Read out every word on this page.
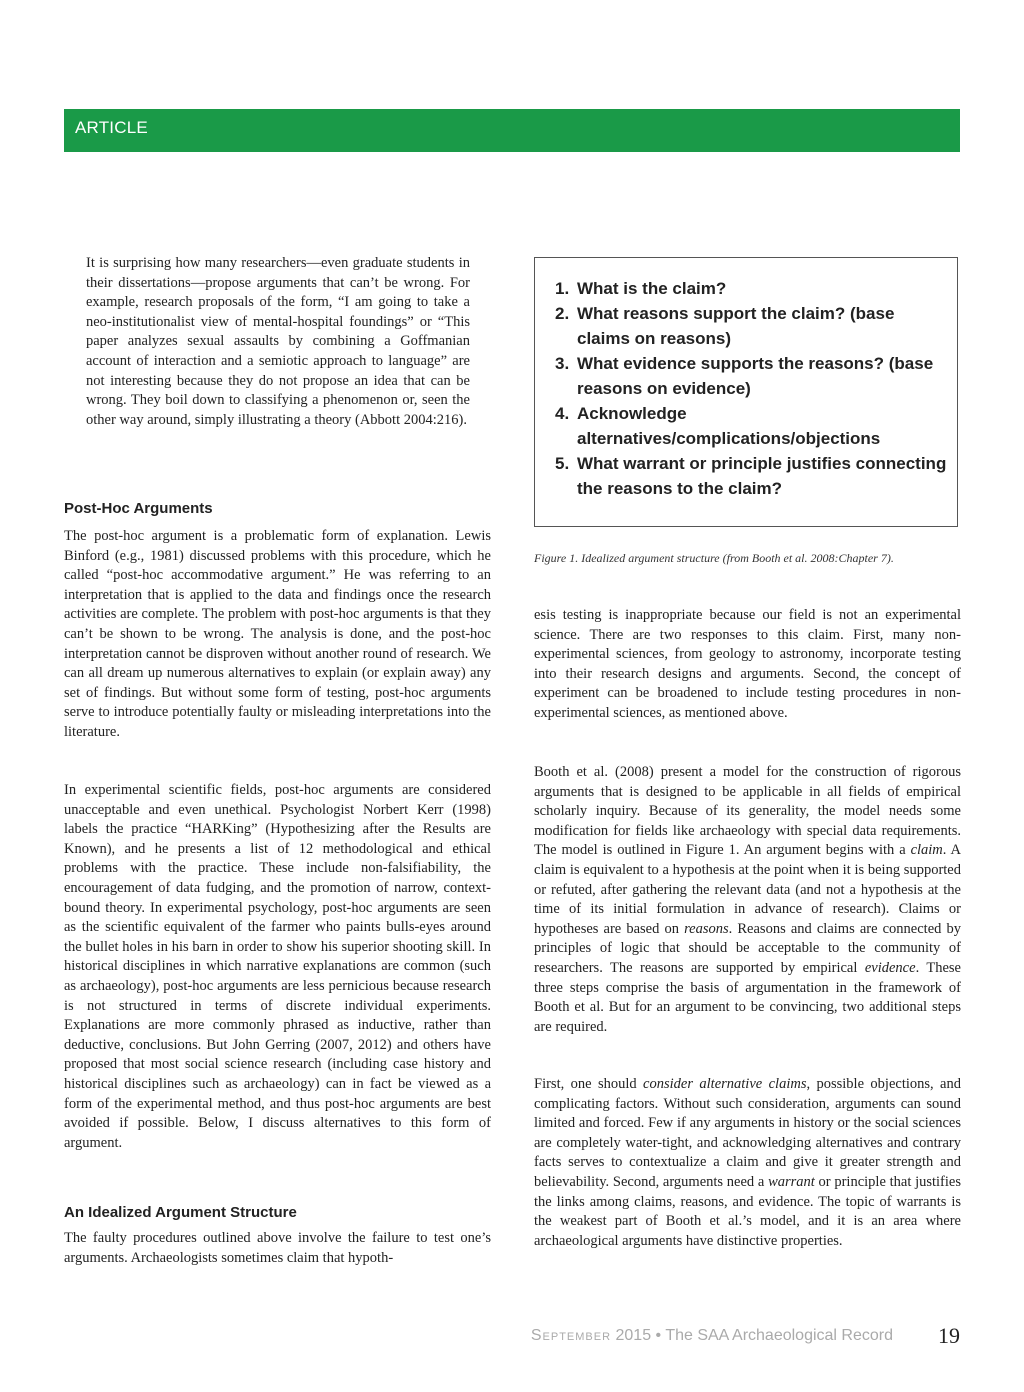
ARTICLE

It is surprising how many researchers—even graduate students in their dissertations—propose arguments that can’t be wrong. For example, research proposals of the form, “I am going to take a neo-institutionalist view of mental-hospital foundings” or “This paper analyzes sexual assaults by combining a Goffmanian account of interaction and a semiotic approach to language” are not interesting because they do not propose an idea that can be wrong. They boil down to classifying a phenomenon or, seen the other way around, simply illustrating a theory (Abbott 2004:216).

Post-Hoc Arguments

The post-hoc argument is a problematic form of explanation. Lewis Binford (e.g., 1981) discussed problems with this procedure, which he called “post-hoc accommodative argument.” He was referring to an interpretation that is applied to the data and findings once the research activities are complete. The problem with post-hoc arguments is that they can’t be shown to be wrong. The analysis is done, and the post-hoc interpretation cannot be disproven without another round of research. We can all dream up numerous alternatives to explain (or explain away) any set of findings. But without some form of testing, post-hoc arguments serve to introduce potentially faulty or misleading interpretations into the literature.

In experimental scientific fields, post-hoc arguments are considered unacceptable and even unethical. Psychologist Norbert Kerr (1998) labels the practice “HARKing” (Hypothesizing after the Results are Known), and he presents a list of 12 methodological and ethical problems with the practice. These include non-falsifiability, the encouragement of data fudging, and the promotion of narrow, context-bound theory. In experimental psychology, post-hoc arguments are seen as the scientific equivalent of the farmer who paints bulls-eyes around the bullet holes in his barn in order to show his superior shooting skill. In historical disciplines in which narrative explanations are common (such as archaeology), post-hoc arguments are less pernicious because research is not structured in terms of discrete individual experiments. Explanations are more commonly phrased as inductive, rather than deductive, conclusions. But John Gerring (2007, 2012) and others have proposed that most social science research (including case history and historical disciplines such as archaeology) can in fact be viewed as a form of the experimental method, and thus post-hoc arguments are best avoided if possible. Below, I discuss alternatives to this form of argument.

An Idealized Argument Structure

The faulty procedures outlined above involve the failure to test one’s arguments. Archaeologists sometimes claim that hypoth-

1. What is the claim?
2. What reasons support the claim? (base claims on reasons)
3. What evidence supports the reasons? (base reasons on evidence)
4. Acknowledge alternatives/complications/objections
5. What warrant or principle justifies connecting the reasons to the claim?

Figure 1. Idealized argument structure (from Booth et al. 2008:Chapter 7).

esis testing is inappropriate because our field is not an experimental science. There are two responses to this claim. First, many non-experimental sciences, from geology to astronomy, incorporate testing into their research designs and arguments. Second, the concept of experiment can be broadened to include testing procedures in non-experimental sciences, as mentioned above.

Booth et al. (2008) present a model for the construction of rigorous arguments that is designed to be applicable in all fields of empirical scholarly inquiry. Because of its generality, the model needs some modification for fields like archaeology with special data requirements. The model is outlined in Figure 1. An argument begins with a claim. A claim is equivalent to a hypothesis at the point when it is being supported or refuted, after gathering the relevant data (and not a hypothesis at the time of its initial formulation in advance of research). Claims or hypotheses are based on reasons. Reasons and claims are connected by principles of logic that should be acceptable to the community of researchers. The reasons are supported by empirical evidence. These three steps comprise the basis of argumentation in the framework of Booth et al. But for an argument to be convincing, two additional steps are required.

First, one should consider alternative claims, possible objections, and complicating factors. Without such consideration, arguments can sound limited and forced. Few if any arguments in history or the social sciences are completely water-tight, and acknowledging alternatives and contrary facts serves to contextualize a claim and give it greater strength and believability. Second, arguments need a warrant or principle that justifies the links among claims, reasons, and evidence. The topic of warrants is the weakest part of Booth et al.’s model, and it is an area where archaeological arguments have distinctive properties.

September 2015 • The SAA Archaeological Record 19
